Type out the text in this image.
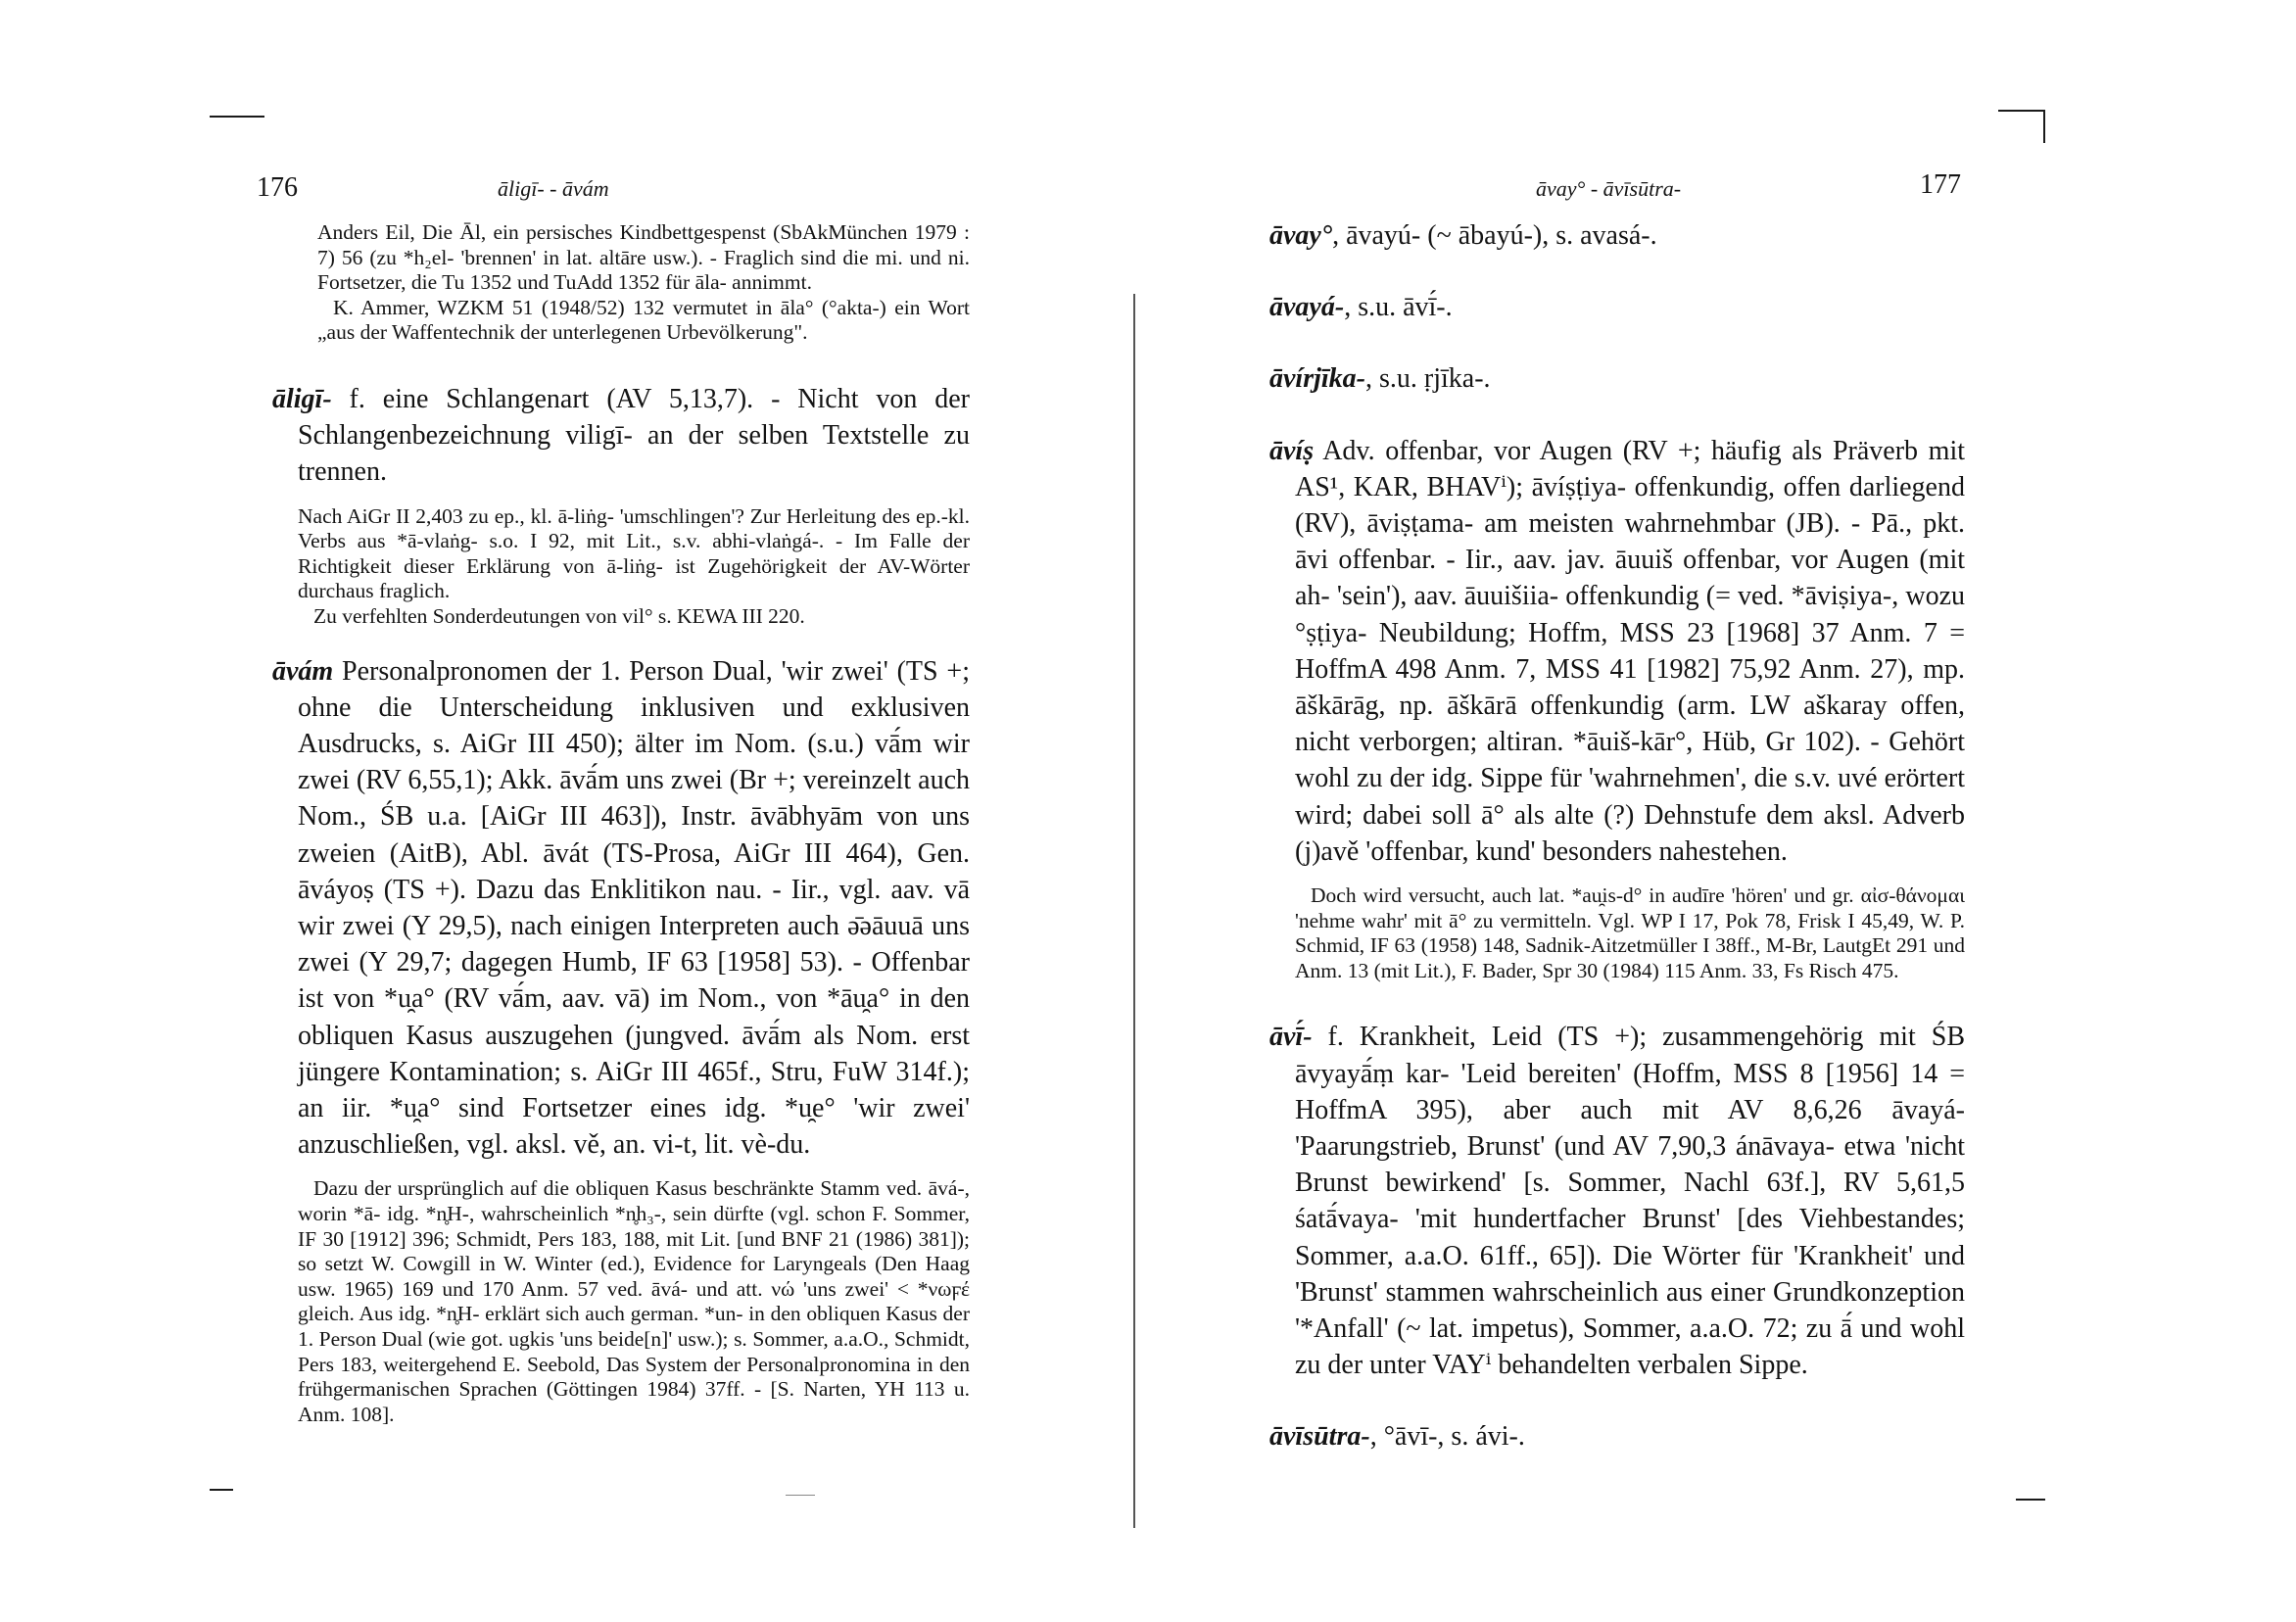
176	āligī- - āvám

Anders Eil, Die Āl, ein persisches Kindbettgespenst (SbAkMünchen 1979 : 7) 56 (zu *h₂el- 'brennen' in lat. altāre usw.). - Fraglich sind die mi. und ni. Fortsetzer, die Tu 1352 und TuAdd 1352 für āla- annimmt.

K. Ammer, WZKM 51 (1948/52) 132 vermutet in āla° (°akta-) ein Wort „aus der Waffentechnik der unterlegenen Urbevölkerung".

āligī- f. eine Schlangenart (AV 5,13,7). - Nicht von der Schlangenbezeichnung viligī- an der selben Textstelle zu trennen.

Nach AiGr II 2,403 zu ep., kl. ā-liṅg- 'umschlingen'? Zur Herleitung des ep.-kl. Verbs aus *ā-vlaṅg- s.o. I 92, mit Lit., s.v. abhi-vlaṅgá-. - Im Falle der Richtigkeit dieser Erklärung von ā-liṅg- ist Zugehörigkeit der AV-Wörter durchaus fraglich.

Zu verfehlten Sonderdeutungen von vil° s. KEWA III 220.

āvám Personalpronomen der 1. Person Dual, 'wir zwei' (TS +; ohne die Unterscheidung inklusiven und exklusiven Ausdrucks, s. AiGr III 450); älter im Nom. (s.u.) vā́m wir zwei (RV 6,55,1); Akk. āvā́m uns zwei (Br +; vereinzelt auch Nom., ŚB u.a. [AiGr III 463]), Instr. āvābhyām von uns zweien (AitB), Abl. āvát (TS-Prosa, AiGr III 464), Gen. āváyoṣ (TS +). Dazu das Enklitikon nau. - Iir., vgl. aav. vā wir zwei (Y 29,5), nach einigen Interpreten auch ə̄əāuuā uns zwei (Y 29,7; dagegen Humb, IF 63 [1958] 53). - Offenbar ist von *u̯a° (RV vā́m, aav. vā) im Nom., von *āu̯a° in den obliquen Kasus auszugehen (jungved. āvā́m als Nom. erst jüngere Kontamination; s. AiGr III 465f., Stru, FuW 314f.); an iir. *u̯a° sind Fortsetzer eines idg. *u̯e° 'wir zwei' anzuschließen, vgl. aksl. vě, an. vi-t, lit. vè-du.

Dazu der ursprünglich auf die obliquen Kasus beschränkte Stamm ved. āvá-, worin *ā- idg. *n̥H-, wahrscheinlich *n̥h₃-, sein dürfte (vgl. schon F. Sommer, IF 30 [1912] 396; Schmidt, Pers 183, 188, mit Lit. [und BNF 21 (1986) 381]); so setzt W. Cowgill in W. Winter (ed.), Evidence for Laryngeals (Den Haag usw. 1965) 169 und 170 Anm. 57 ved. āvá- und att. νώ 'uns zwei' < *νωϝέ gleich. Aus idg. *n̥H- erklärt sich auch german. *un- in den obliquen Kasus der 1. Person Dual (wie got. ugkis 'uns beide[n]' usw.); s. Sommer, a.a.O., Schmidt, Pers 183, weitergehend E. Seebold, Das System der Personalpronomina in den frühgermanischen Sprachen (Göttingen 1984) 37ff. - [S. Narten, YH 113 u. Anm. 108].

āvay° - āvīsūtra-	177

āvay°, āvayú- (~ ābayú-), s. avasá-.

āvayá-, s.u. āvī́-.

āvírjīka-, s.u. ṛjīka-.

āvíṣ Adv. offenbar, vor Augen (RV +; häufig als Präverb mit AS¹, KAR, BHAVⁱ); āvíṣṭiya- offenkundig, offen darliegend (RV), āviṣṭama- am meisten wahrnehmbar (JB). - Pā., pkt. āvi offenbar. - Iir., aav. jav. āuuiš offenbar, vor Augen (mit ah- 'sein'), aav. āuuišiia- offenkundig (= ved. *āviṣiya-, wozu °ṣṭiya- Neubildung; Hoffm, MSS 23 [1968] 37 Anm. 7 = HoffmA 498 Anm. 7, MSS 41 [1982] 75,92 Anm. 27), mp. āškārāg, np. āškārā offenkundig (arm. LW aškaray offen, nicht verborgen; altiran. *āuiš-kār°, Hüb, Gr 102). - Gehört wohl zu der idg. Sippe für 'wahrnehmen', die s.v. uvé erörtert wird; dabei soll ā° als alte (?) Dehnstufe dem aksl. Adverb (j)avě 'offenbar, kund' besonders nahestehen.

Doch wird versucht, auch lat. *au̯is-d° in audīre 'hören' und gr. αἰσ-θάνομαι 'nehme wahr' mit ā° zu vermitteln. Vgl. WP I 17, Pok 78, Frisk I 45,49, W. P. Schmid, IF 63 (1958) 148, Sadnik-Aitzetmüller I 38ff., M-Br, LautgEt 291 und Anm. 13 (mit Lit.), F. Bader, Spr 30 (1984) 115 Anm. 33, Fs Risch 475.

āvī́- f. Krankheit, Leid (TS +); zusammengehörig mit ŚB āvyayā́ṃ kar- 'Leid bereiten' (Hoffm, MSS 8 [1956] 14 = HoffmA 395), aber auch mit AV 8,6,26 āvayá- 'Paarungstrieb, Brunst' (und AV 7,90,3 ánāvaya- etwa 'nicht Brunst bewirkend' [s. Sommer, Nachl 63f.], RV 5,61,5 śatā́vaya- 'mit hundertfacher Brunst' [des Viehbestandes; Sommer, a.a.O. 61ff., 65]). Die Wörter für 'Krankheit' und 'Brunst' stammen wahrscheinlich aus einer Grundkonzeption '*Anfall' (~ lat. impetus), Sommer, a.a.O. 72; zu ā́ und wohl zu der unter VAYⁱ behandelten verbalen Sippe.

āvīsūtra-, °āvī-, s. ávi-.
